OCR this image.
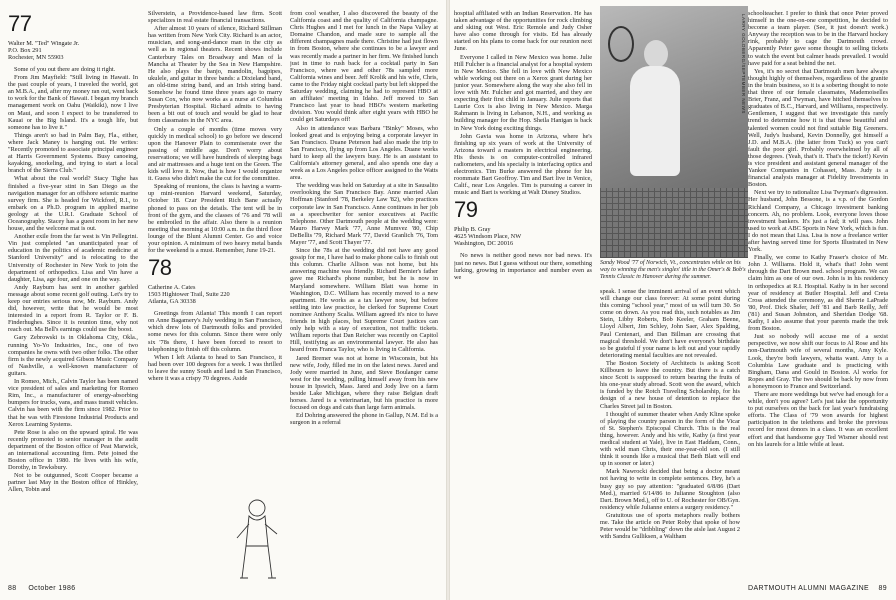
77
Walter M. "Ted" Wingate Jr.
P.O. Box 291
Rochester, MN 55903

Some of you out there are doing it right.

From Jim Mayfield: "Still living in Hawaii. In the past couple of years, I traveled the world, got an M.B.A., and, after my money ran out, went back to work for the Bank of Hawaii. I began my branch management work on Oahu (Waikiki), now I live on Maui, and soon I expect to be transferred to Kauai or the Big Island. It's a tough life, but someone has to live it."

Things aren't so bad in Palm Bay, Fla., either, where Jack Maney is hanging out. He writes: "Recently promoted to associate principal engineer at Harris Government Systems. Busy canoeing, kayaking, snorkeling, and trying to start a local branch of the Sierra Club."

What about the real world? Stacy Tighe has finished a five-year stint in San Diego as the navigation manager for an offshore seismic marine survey firm. She is headed for Wickford, R.I., to embark on a Ph.D. program in applied marine geology at the U.R.I. Graduate School of Oceanography. Stacey has a guest room in her new house, and the welcome mat is out.

Another exile from the far west is Vin Pellegrini. Vin just completed "an unanticipated year of education in the politics of academic medicine at Stanford University" and is relocating to the University of Rochester in New York to join the department of orthopedics. Lisa and Vin have a daughter, Lisa, age four, and one on the way.

Andy Rayburn has sent in another garbled message about some recent golf outing. Let's try to keep our entries serious now, Mr. Rayburn. Andy did, however, write that he would be most interested in a report from R. Taylor or F. B. Finderhughes. Since it is reunion time, why not reach out. Ma Bell's earnings could use the boost.

Gary Zebrowski is in Oklahoma City, Okla., running Yo-Yo Industries, Inc., one of two companies he owns with two other folks. The other firm is the newly acquired Gibson Music Company of Nashville, a well-known manufacturer of guitars.

In Romeo, Mich., Calvin Taylor has been named vice president of sales and marketing for Romeo Rim, Inc., a manufacturer of energy-absorbing bumpers for trucks, vans, and mass transit vehicles. Calvin has been with the firm since 1982. Prior to that he was with Firestone Industrial Products and Xerox Learning Systems.

Pete Rose is also on the upward spiral. He was recently promoted to senior manager in the audit department of the Boston office of Peat Marwick, an international accounting firm. Pete joined the Boston office in 1980. He lives with his wife, Dorothy, in Tewksbury.

Not to be outgunned, Scott Cooper became a partner last May in the Boston office of Hinkley, Allen, Tobin and

Silverstein, a Providence-based law firm. Scott specializes in real estate financial transactions.

After almost 10 years of silence, Richard Stillman has written from New York City. Richard is an actor, musician, and song-and-dance man in the city as well as in regional theaters. Recent shows include Canterbury Tales on Broadway and Man of la Mancha at Theater by the Sea in New Hampshire. He also plays the banjo, mandolin, bagpipes, ukulele, and guitar in three bands: a Dixieland band, an old-time string band, and an Irish string band. Somehow he found time three years ago to marry Susan Cox, who now works as a nurse at Columbia Presbyterian Hospital. Richard admits to having been a bit out of touch and would be glad to hear from classmates in the NYC area.

Only a couple of months (time moves very quickly in medical school) to go before we descend upon the Hanover Plain to commiserate over the passing of middle age. Don't worry about reservations; we will have hundreds of sleeping bags and air mattresses and a huge tent on the Green. The kids will love it. Now, that is how I would organize it. Guess who didn't make the cut for the committee.

Speaking of reunions, the class is having a warm-up mini-reunion Harvard weekend, Saturday, October 18. Czar President Rich Bane actually phoned to pass on the details. The tent will be in front of the gym, and the classes of '76 and '78 will be embroiled in the affair. Also there is a reunion meeting that morning at 10:00 a.m. in the third floor lounge of the Blunt Alumni Center. Go and voice your opinion. A minimum of two heavy metal bands for the weekend is a must. Remember, June 19-21.

78
Catherine A. Cates
1503 Hightower Trail, Suite 220
Atlanta, GA 30338

Greetings from Atlanta! This month I can report on Anne Bagamery's July wedding in San Francisco, which drew lots of Dartmouth folks and provided some news for this column. Since there were only six '78s there, I have been forced to resort to telephoning to finish off this column.

When I left Atlanta to head to San Francisco, it had been over 100 degrees for a week. I was thrilled to leave the sunny South and land in San Francisco, where it was a crispy 70 degrees. Aside

from cool weather, I also discovered the beauty of the California coast and the quality of California champagne. Chris Hughes and I met for lunch in the Napa Valley at Domaine Chandon, and made sure to sample all the different champagnes made there. Christine had just flown in from Boston, where she continues to be a lawyer and was recently made a partner in her firm. We finished lunch just in time to rush back for a cocktail party in San Francisco, where we and other 78s sampled more California wines and beer. Jeff Krolik and his wife, Chris, came to the Friday night cocktail party but left skipped the Saturday wedding, claiming he had to represent HBO at an affiliates' meeting in Idaho. Jeff moved to San Francisco last year to head HBO's western marketing division. You would think after eight years with HBO he could get Saturdays off!

Also in attendance was Barbara "Binky" Moses, who looked great and is enjoying being a corporate lawyer in San Francisco. Duane Peterson had also made the trip to San Francisco, flying up from Los Angeles. Duane works hard to keep all the lawyers busy. He is an assistant to California's attorney general, and also spends one day a week as a Los Angeles police officer assigned to the Watts area.

The wedding was held on Saturday at a site in Sausalito overlooking the San Francisco Bay. Anne married Alan Hoffman (Stanford '78, Berkeley Law '82), who practices corporate law in San Francisco. Anne continues in her job as a speechwriter for senior executives at Pacific Telephone. Other Dartmouth people at the wedding were: Mauro Harvey Mark '77, Anne Mumvez '80, Chip DeBellis '79, Richard Mark '77, David Granlich '76, Tom Mayer '77, and Scott Thayer '77.

Since the 78s at the wedding did not have any good gossip for me, I have had to make phone calls to finish out this column. Charlie Allison was not home, but his answering machine was friendly. Richard Bernier's father gave me Richard's phone number, but he is now in Maryland somewhere. William Blatt was home in Washington, D.C. William has recently moved to a new apartment. He works as a tax lawyer now, but before settling into law practice, he clerked for Supreme Court nominee Anthony Scalia. William agreed it's nice to have friends in high places, but Supreme Court justices can only help with a stay of execution, not traffic tickets. William reports that Dan Reicher was recently on Capitol Hill, testifying as an environmental lawyer. He also has heard from Franca Taylor, who is living in California.

Jared Bremer was not at home in Wisconsin, but his new wife, Jody, filled me in on the latest news. Jared and Jody were married in June, and Steve Boulanger came west for the wedding, pulling himself away from his new house in Ipswich, Mass. Jared and Jody live on a farm beside Lake Michigan, where they raise Belgian draft horses. Jared is a veterinarian, but his practice is more focused on dogs and cats than large farm animals.

Ed Dohring answered the phone in Gallup, N.M. Ed is a surgeon in a referral

88 October 1986

hospital affiliated with an Indian Reservation. He has taken advantage of the opportunities for rock climbing and skiing out West. Eric Remole and Judy Osher have also come through for visits. Ed has already started on his plans to come back for our reunion next June.

Everyone I called in New Mexico was home. Julie Hill Fulcher is a financial analyst for a hospital system in New Mexico. She fell in love with New Mexico while working out there on a Xerox grant during her junior year. Somewhere along the way she also fell in love with Mr. Fulcher and got married, and they are expecting their first child in January. Julie reports that Laurie Cox is also living in New Mexico. Marga Rahmann is living in Lebanon, N.H., and working as building manager for the Hop. Sheila Hanigan is back in New York doing exciting things.

John Gavia was home in Arizona, where he's finishing up six years of work at the University of Arizona toward a masters in electrical engineering. His thesis is on computer-controlled infrared radiometers, and his specialty is interfacing optics and electronics. Tim Burke answered the phone for his roommate Bart Geoffroy. Tim and Bart live in Venice, Calif., near Los Angeles. Tim is pursuing a career in music and Bart is working at Walt Disney Studios.

79
Philip B. Gray
4625 Windsom Place, NW
Washington, DC 20016

No news is neither good news nor bad news. It's just no news. But I guess without our there, something lurking, growing in importance and number even as we

speak. I sense the imminent arrival of an event which will change our class forever: At some point during this coming "school year," most of us will turn 30. So come on down. As you read this, such notables as Jim Stein, Libby Roberts, Bob Keeler, Graham Beene, Lloyd Albert, Jim Schley, John Saer, Alex Spalding, Paul Centenari, and Dan Billman are crossing that magical threshold. We don't have everyone's birthdate so be grateful if your name is left out and your rapidly deteriorating mental faculties are not revealed.

The Boston Society of Architects is asking Scott Killbourn to leave the country. But there is a catch since Scott is supposed to return bearing the fruits of his one-year study abroad. Scott won the award, which is funded by the Rotch Traveling Scholarship, for his design of a new house of detention to replace the Charles Street jail in Boston.

I thought of summer theater when Andy Kline spoke of playing the country parson in the form of the Vicar of St. Stephen's Episcopal Church. This is the real thing, however. Andy and his wife, Kathy (a first year medical student at Yale), live in East Haddam, Conn., with wild man Chris, their one-year-old son. (I still think it sounds like a musical that Beth Blatt will end up in sooner or later.)

Mark Nawrocki decided that being a doctor meant not having to write in complete sentences. Hey, he's a busy guy so pay attention: "graduated 6/8/86 (Dart Med.), married 6/14/86 to Julianne Stoughton (also Dart. Brown Med.), off to U. of Rochester for OB/Gyn. residency while Julianne enters a surgery residency."

Gratuitous use of sports metaphors really bothers me. Take the article on Peter Roby that spoke of how Peter would be "dribbling" down the aisle last August 2 with Sandra Gulliksen, a Waltham

schoolteacher. I prefer to think that once Peter proved himself in the one-on-one competition, he decided to become a team player. (See, it just doesn't work.) Anyway the reception was to be in the Harvard hockey rink, probably to cage the Dartmouth crowd. Apparently Peter gave some thought to selling tickets to watch the event but calmer heads prevailed. I would have paid for a seat behind the net.

Yes, it's no secret that Dartmouth men have always thought highly of themselves, regardless of the granite in the brain business, so it is a sobering thought to note that three of our female classmates, Mademoiselles Brier, Franz, and Twyman, have hitched themselves to graduates of B.C., Harvard, and Williams, respectively. Gentlemen, I suggest that we investigate this rarely trend to determine how it is that these beautiful and talented women could not find suitable Big Greeners. Well, Judy's husband, Kevin Donnelly, got himself a J.D. and M.B.A. (the latter from Tuck) so you can't fault the poor girl. Probably overwhelmed by all of those degrees. (Yeah, that's it. That's the ticket!) Kevin is vice president and assistant general manager of the Yankee Companies in Cohasset, Mass. Judy is a financial analysis manager at Fidelity Investments in Boston.

Next we try to rationalize Lisa Twyman's digression. Her husband, John Bessone, is a v.p. of the Gordon Richland Company, a Chicago investment banking concern. Ah, no problem. Look, everyone loves those investment bankers. It's just a fad; it will pass. John used to work at ABC Sports in New York, which is fun. I do not mean that Lisa. Lisa is now a freelance writer after having served time for Sports Illustrated in New York.

Finally, we come to Kathy Fraser's choice of Mr. John J. Williams. Hold it, what's that! John went through the Dart Brown med. school program. We can claim him as one of our own. John is in his residency in orthopedics at R.I. Hospital. Kathy is in her second year of residency at Butler Hospital. Jeff and Creta Cross attended the ceremony, as did Sherrie LaPrade '80, Prof. Dick Shafer, Jeff '81 and Barb Reilly, Jeff ('81) and Susan Johnston, and Sheridan Dodge '68. Kathy, I also assume that your parents made the trek from Boston.

Just so nobody will accuse me of a sexist perspective, we now shift our focus to Al Rose and his non-Dartmouth wife of several months, Amy Kyle. Look, they're both lawyers, whatta want. Amy is a Columbia Law graduate and is practicing with Bingham, Dana and Gould in Boston. Al works for Ropes and Gray. The two should be back by now from a honeymoon to France and Switzerland.

There are more weddings but we've had enough for a while, don't you agree? Let's just take the opportunity to put ourselves on the back for last year's fundraising efforts. The Class of '79 won awards for highest participation in the telethons and broke the previous record for most donors in a class. It was an excellent effort and that handsome guy Ted Wismer should rest on his laurels for a little while at least.

DARTMOUTH ALUMNI MAGAZINE 89
LARRY GOLDBERG/SEPTEMBER NEWS
Sandy Wood '77 of Norwich, Vt., concentrates while on his way to winning the men's singles' title in the Omer's & Bob's Tennis Classic in Hanover during the summer.
